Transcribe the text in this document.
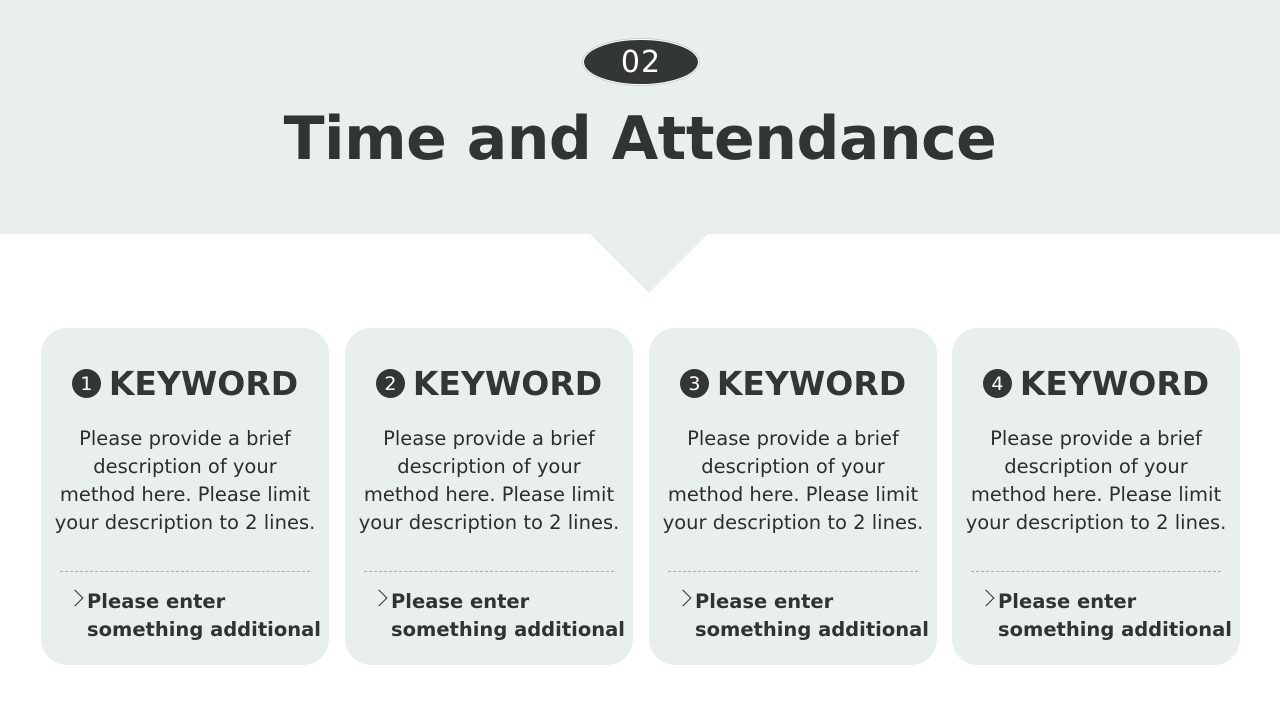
02
Time and Attendance
1 KEYWORD
Please provide a brief description of your method here. Please limit your description to 2 lines.
Please enter something additional
2 KEYWORD
Please provide a brief description of your method here. Please limit your description to 2 lines.
Please enter something additional
3 KEYWORD
Please provide a brief description of your method here. Please limit your description to 2 lines.
Please enter something additional
4 KEYWORD
Please provide a brief description of your method here. Please limit your description to 2 lines.
Please enter something additional
